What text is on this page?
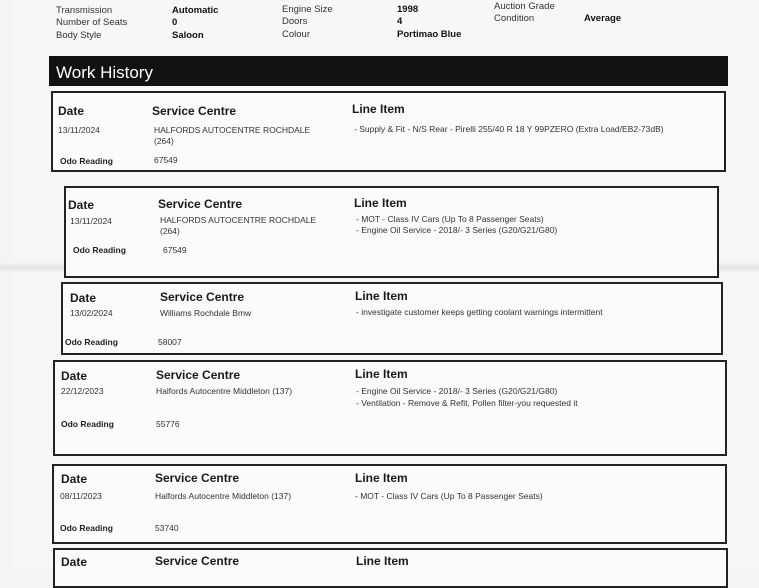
Transmission	Automatic
Number of Seats	0
Body Style	Saloon
Engine Size	1998
Doors	4
Colour	Portimao Blue
Auction Grade
Condition	Average
Work History
Date	Service Centre	Line Item
13/11/2024	HALFORDS AUTOCENTRE ROCHDALE
(264)
- Supply & Fit - N/S Rear - Pirelli 255/40 R 18 Y 99PZERO (Extra Load/EB2-73dB)
Odo Reading	67549
Date	Service Centre	Line Item
13/11/2024	HALFORDS AUTOCENTRE ROCHDALE
(264)
- MOT - Class IV Cars (Up To 8 Passenger Seats)
- Engine Oil Service - 2018/- 3 Series (G20/G21/G80)
Odo Reading	67549
Date	Service Centre	Line Item
13/02/2024	Williams Rochdale Bmw	- investigate customer keeps getting coolant warnings intermittent
Odo Reading	58007
Date	Service Centre	Line Item
22/12/2023	Halfords Autocentre Middleton (137)	- Engine Oil Service - 2018/- 3 Series (G20/G21/G80)
- Ventilation - Remove & Refit, Pollen filter-you requested it
Odo Reading	55776
Date	Service Centre	Line Item
08/11/2023	Halfords Autocentre Middleton (137)	- MOT - Class IV Cars (Up To 8 Passenger Seats)
Odo Reading	53740
Date	Service Centre	Line Item
